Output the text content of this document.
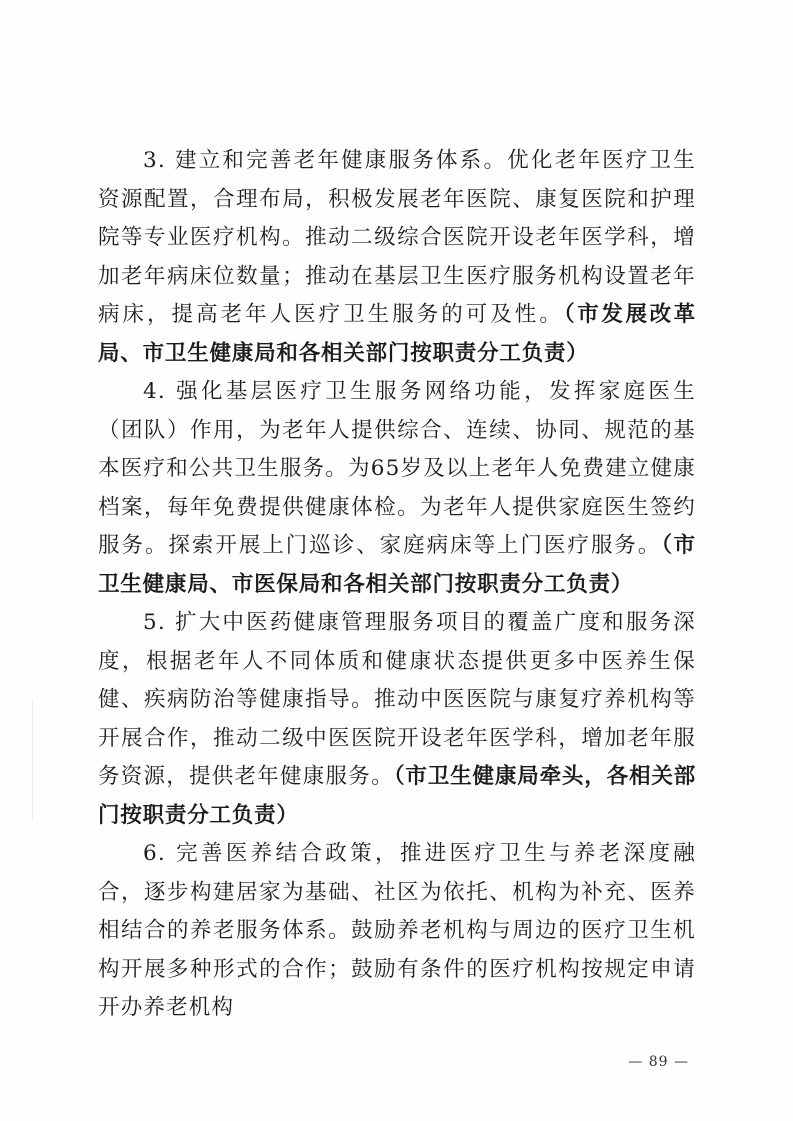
3. 建立和完善老年健康服务体系。优化老年医疗卫生资源配置，合理布局，积极发展老年医院、康复医院和护理院等专业医疗机构。推动二级综合医院开设老年医学科，增加老年病床位数量；推动在基层卫生医疗服务机构设置老年病床，提高老年人医疗卫生服务的可及性。（市发展改革局、市卫生健康局和各相关部门按职责分工负责）

4. 强化基层医疗卫生服务网络功能，发挥家庭医生（团队）作用，为老年人提供综合、连续、协同、规范的基本医疗和公共卫生服务。为65岁及以上老年人免费建立健康档案，每年免费提供健康体检。为老年人提供家庭医生签约服务。探索开展上门巡诊、家庭病床等上门医疗服务。（市卫生健康局、市医保局和各相关部门按职责分工负责）

5. 扩大中医药健康管理服务项目的覆盖广度和服务深度，根据老年人不同体质和健康状态提供更多中医养生保健、疾病防治等健康指导。推动中医医院与康复疗养机构等开展合作，推动二级中医医院开设老年医学科，增加老年服务资源，提供老年健康服务。（市卫生健康局牵头，各相关部门按职责分工负责）

6. 完善医养结合政策，推进医疗卫生与养老深度融合，逐步构建居家为基础、社区为依托、机构为补充、医养相结合的养老服务体系。鼓励养老机构与周边的医疗卫生机构开展多种形式的合作；鼓励有条件的医疗机构按规定申请开办养老机构

— 89 —
